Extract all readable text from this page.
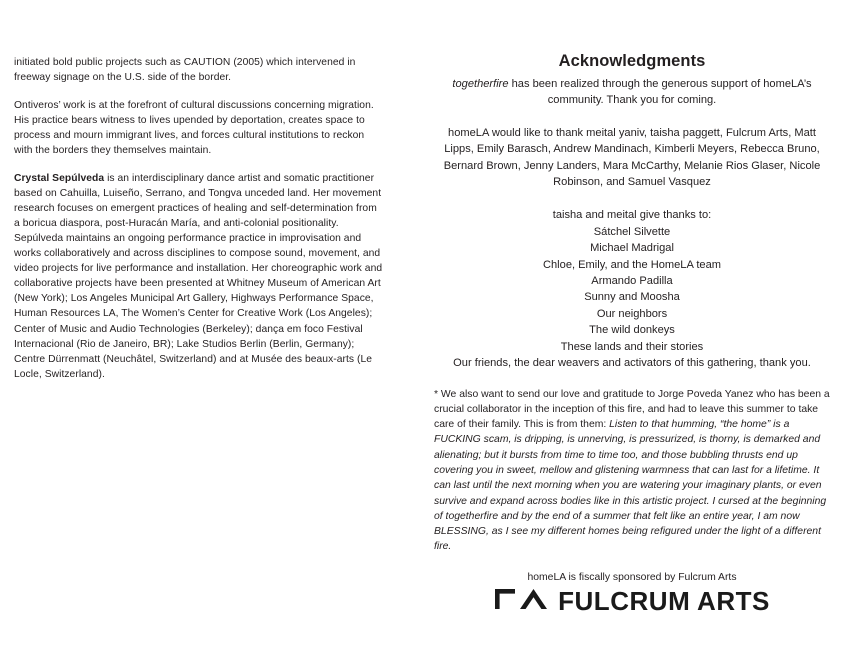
initiated bold public projects such as CAUTION (2005) which intervened in freeway signage on the U.S. side of the border.

Ontiveros’ work is at the forefront of cultural discussions concerning migration. His practice bears witness to lives upended by deportation, creates space to process and mourn immigrant lives, and forces cultural institutions to reckon with the borders they themselves maintain.

Crystal Sepúlveda is an interdisciplinary dance artist and somatic practitioner based on Cahuilla, Luiseño, Serrano, and Tongva unceded land. Her movement research focuses on emergent practices of healing and self-determination from a boricua diaspora, post-Huracán María, and anti-colonial positionality. Sepúlveda maintains an ongoing performance practice in improvisation and works collaboratively and across disciplines to compose sound, movement, and video projects for live performance and installation. Her choreographic work and collaborative projects have been presented at Whitney Museum of American Art (New York); Los Angeles Municipal Art Gallery, Highways Performance Space, Human Resources LA, The Women’s Center for Creative Work (Los Angeles); Center of Music and Audio Technologies (Berkeley); dança em foco Festival Internacional (Rio de Janeiro, BR); Lake Studios Berlin (Berlin, Germany); Centre Dürrenmatt (Neuchâtel, Switzerland) and at Musée des beaux-arts (Le Locle, Switzerland).

Acknowledgments

togetherfire has been realized through the generous support of homeLA’s community. Thank you for coming.

homeLA would like to thank meital yaniv, taisha paggett, Fulcrum Arts, Matt Lipps, Emily Barasch, Andrew Mandinach, Kimberli Meyers, Rebecca Bruno, Bernard Brown, Jenny Landers, Mara McCarthy, Melanie Rios Glaser, Nicole Robinson, and Samuel Vasquez

taisha and meital give thanks to:
Sátchel Silvette
Michael Madrigal
Chloe, Emily, and the HomeLA team
Armando Padilla
Sunny and Moosha
Our neighbors
The wild donkeys
These lands and their stories
Our friends, the dear weavers and activators of this gathering, thank you.

* We also want to send our love and gratitude to Jorge Poveda Yanez who has been a crucial collaborator in the inception of this fire, and had to leave this summer to take care of their family. This is from them: Listen to that humming, “the home” is a FUCKING scam, is dripping, is unnerving, is pressurized, is thorny, is demarked and alienating; but it bursts from time to time too, and those bubbling thrusts end up covering you in sweet, mellow and glistening warmness that can last for a lifetime. It can last until the next morning when you are watering your imaginary plants, or even survive and expand across bodies like in this artistic project. I cursed at the beginning of togetherfire and by the end of a summer that felt like an entire year, I am now BLESSING, as I see my different homes being refigured under the light of a different fire.

homeLA is fiscally sponsored by Fulcrum Arts

FULCRUM ARTS
